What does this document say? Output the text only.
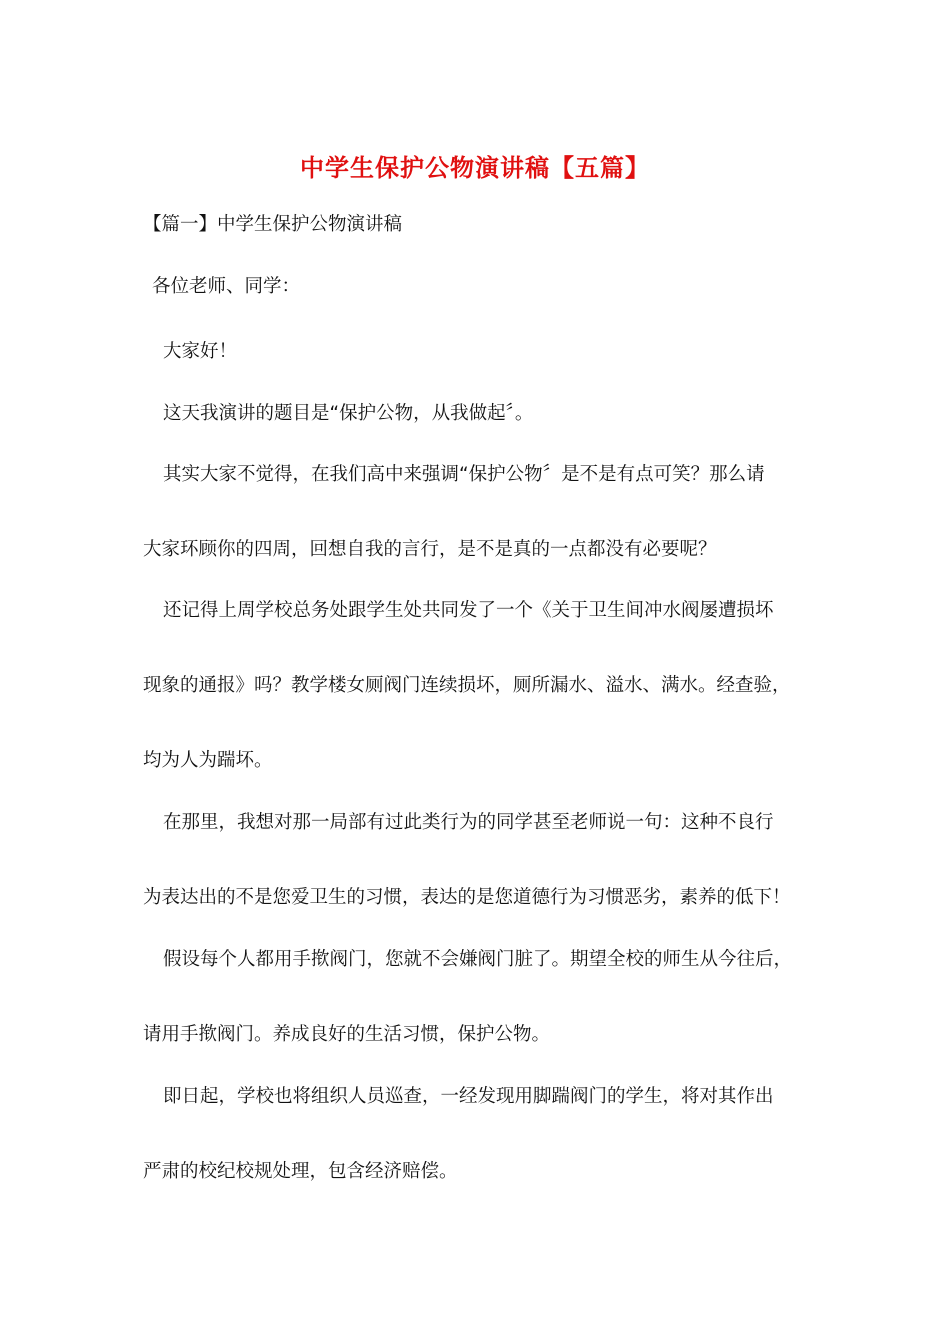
中学生保护公物演讲稿【五篇】
【篇一】中学生保护公物演讲稿
各位老师、同学：
大家好！
这天我演讲的题目是“保护公物，从我做起〞。
其实大家不觉得，在我们高中来强调“保护公物〞是不是有点可笑？那么请
大家环顾你的四周，回想自我的言行，是不是真的一点都没有必要呢？
还记得上周学校总务处跟学生处共同发了一个《关于卫生间冲水阀屡遭损坏
现象的通报》吗？教学楼女厕阀门连续损坏，厕所漏水、溢水、满水。经查验，
均为人为踹坏。
在那里，我想对那一局部有过此类行为的同学甚至老师说一句：这种不良行
为表达出的不是您爱卫生的习惯，表达的是您道德行为习惯恶劣，素养的低下！
假设每个人都用手揿阀门，您就不会嫌阀门脏了。期望全校的师生从今往后，
请用手揿阀门。养成良好的生活习惯，保护公物。
即日起，学校也将组织人员巡查，一经发现用脚踹阀门的学生，将对其作出
严肃的校纪校规处理，包含经济赔偿。
